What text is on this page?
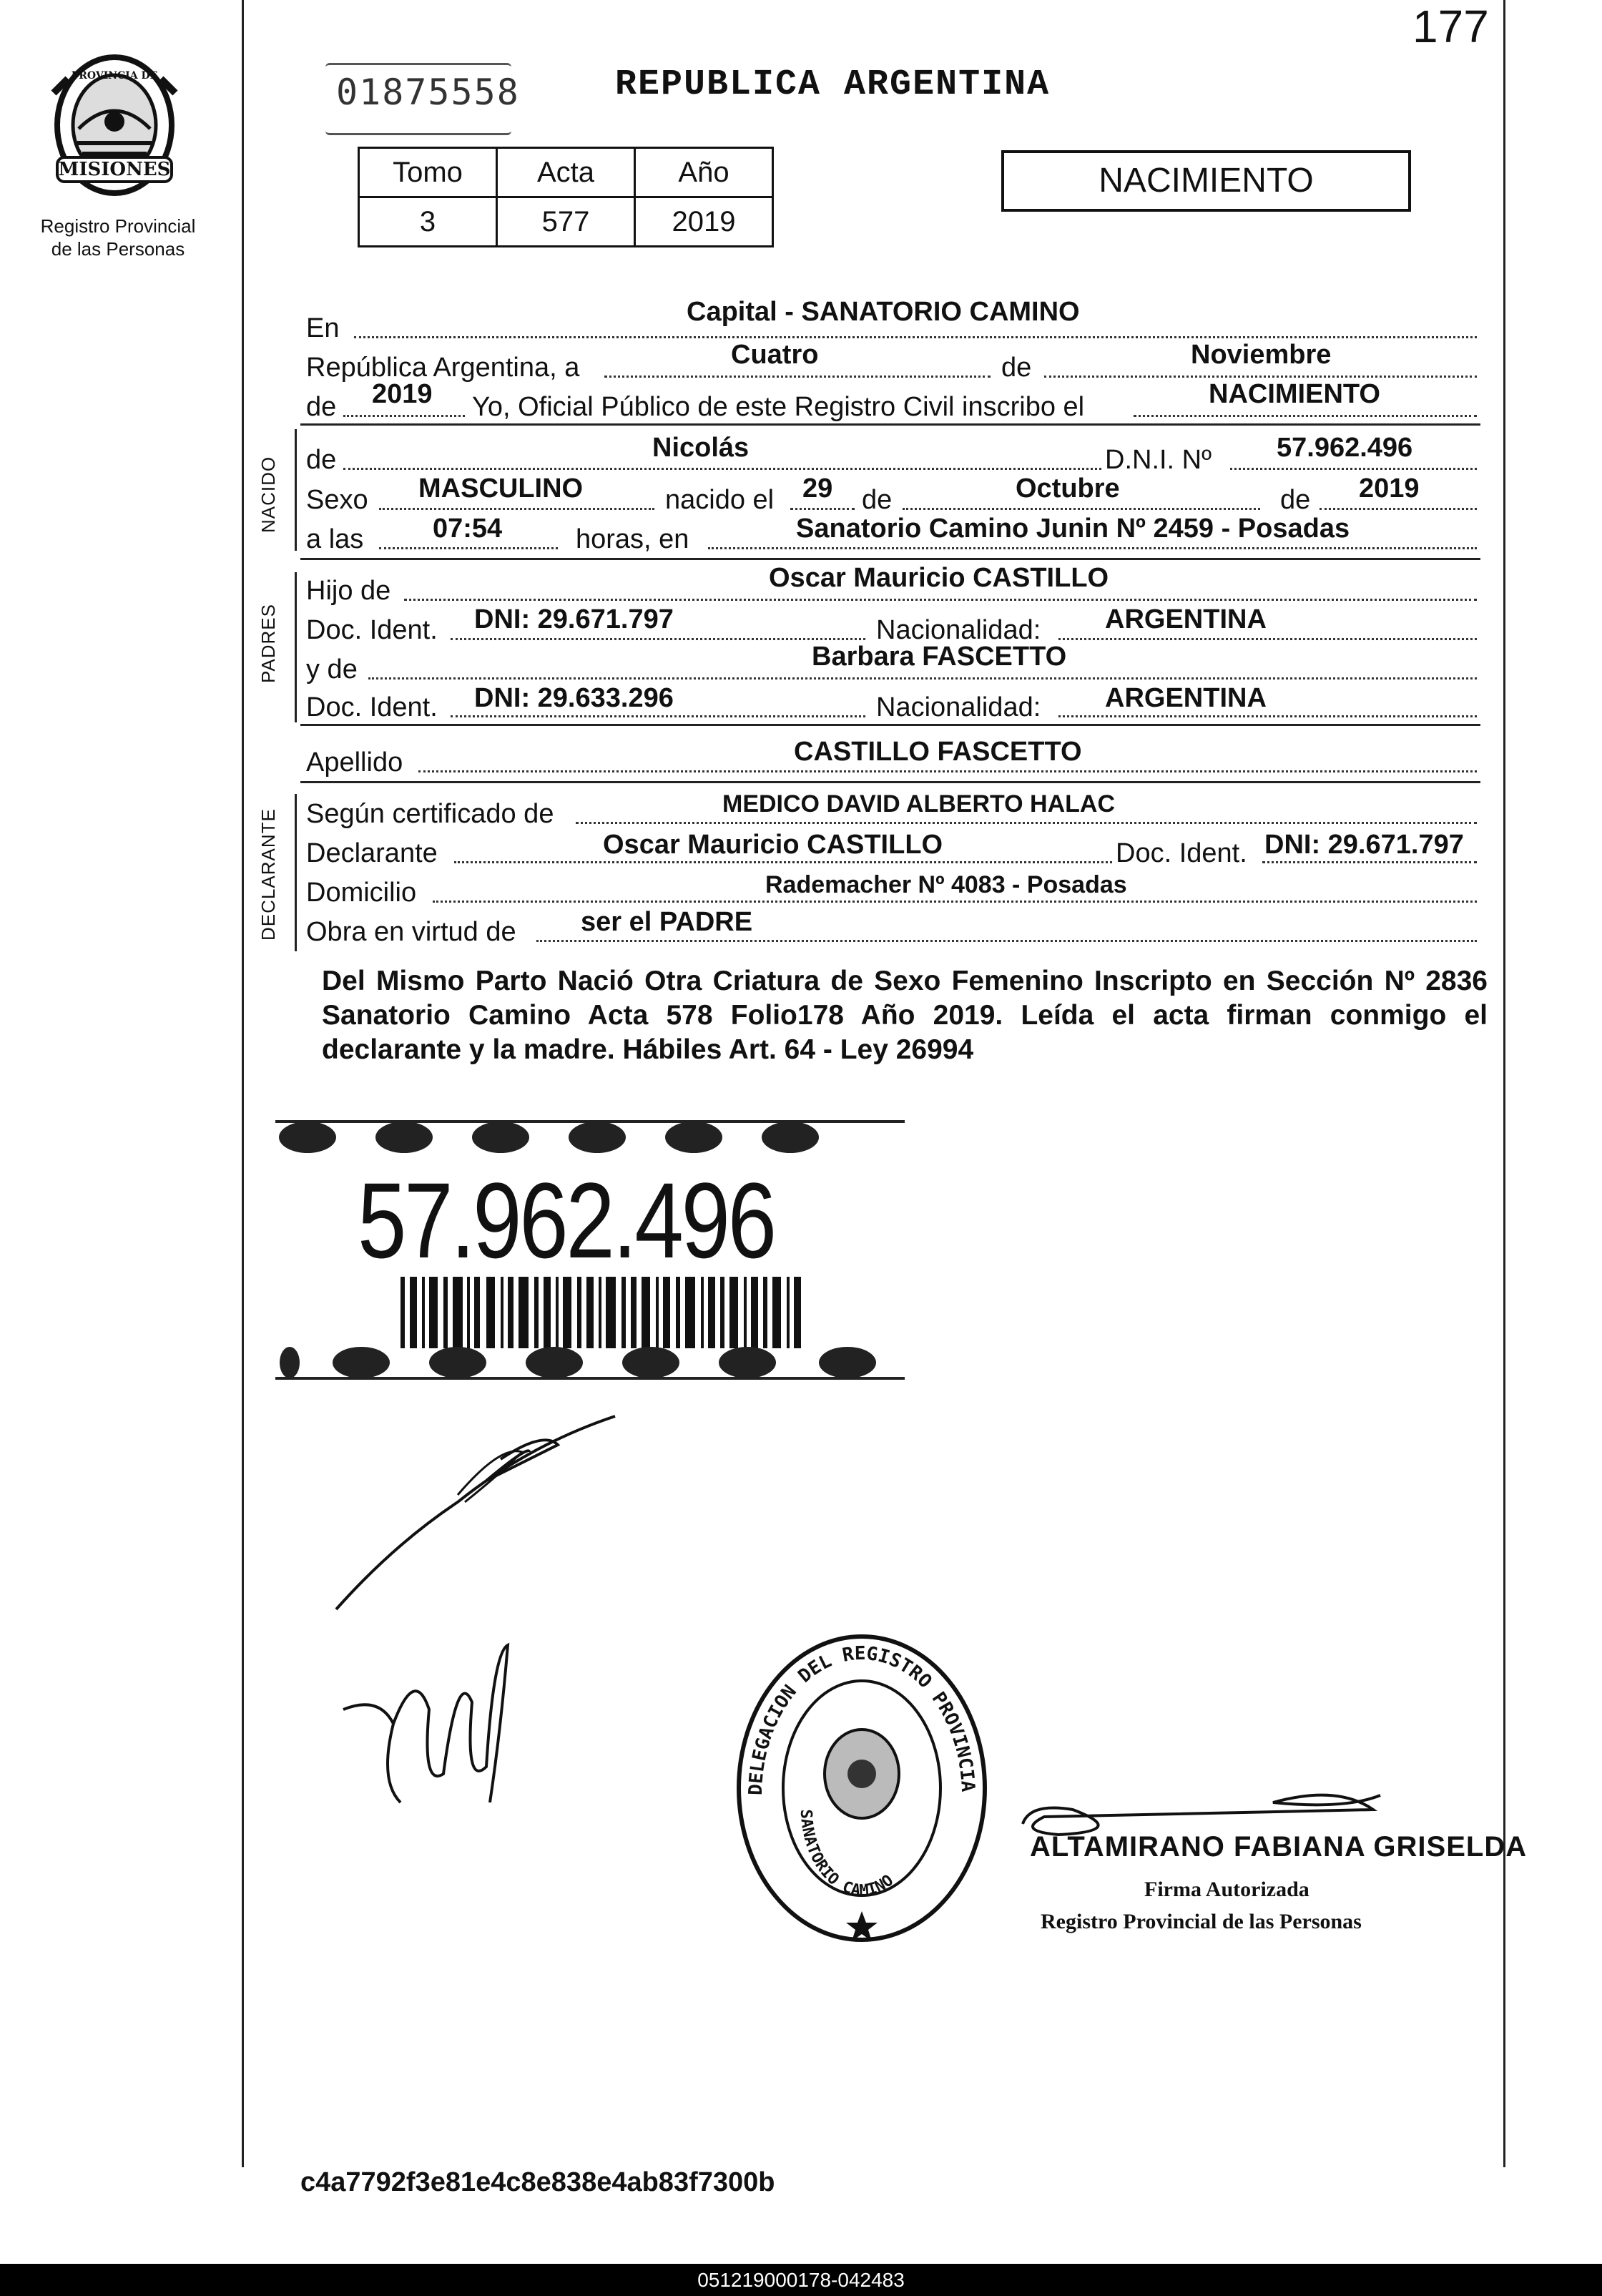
177
MISIONES
PROVINCIA DE
Registro Provincial
de las Personas
01875558	REPUBLICA ARGENTINA
Tomo	Acta	Año
3	577	2019
NACIMIENTO
NACIDO
PADRES
DECLARANTE
En
Capital - SANATORIO CAMINO
República Argentina, a	Cuatro	de	Noviembre
de 2019 Yo, Oficial Público de este Registro Civil inscribo el	NACIMIENTO
de	Nicolás	D.N.I. Nº 57.962.496
Sexo MASCULINO	nacido el 29 de	Octubre	de 2019
a las	07:54	horas, en	Sanatorio Camino Junin Nº 2459 - Posadas
Hijo de	Oscar Mauricio CASTILLO
Doc. Ident. DNI: 29.671.797	Nacionalidad: ARGENTINA
y de	Barbara FASCETTO
Doc. Ident. DNI: 29.633.296	Nacionalidad: ARGENTINA
Apellido	CASTILLO FASCETTO
Según certificado de	MEDICO DAVID ALBERTO HALAC
Declarante	Oscar Mauricio CASTILLO	Doc. Ident. DNI: 29.671.797
Domicilio	Rademacher Nº 4083 - Posadas
Obra en virtud de ser el PADRE
Del Mismo Parto Nació Otra Criatura de Sexo Femenino Inscripto en Sección Nº 2836 Sanatorio Camino Acta 578 Folio178 Año 2019. Leída el acta firman conmigo el declarante y la madre. Hábiles Art. 64 - Ley 26994
57.962.496
DELEGACION DEL REGISTRO PROVINCIA
SANATORIO CAMINO
ALTAMIRANO FABIANA GRISELDA
Firma Autorizada
Registro Provincial de las Personas
c4a7792f3e81e4c8e838e4ab83f7300b
051219000178-042483
